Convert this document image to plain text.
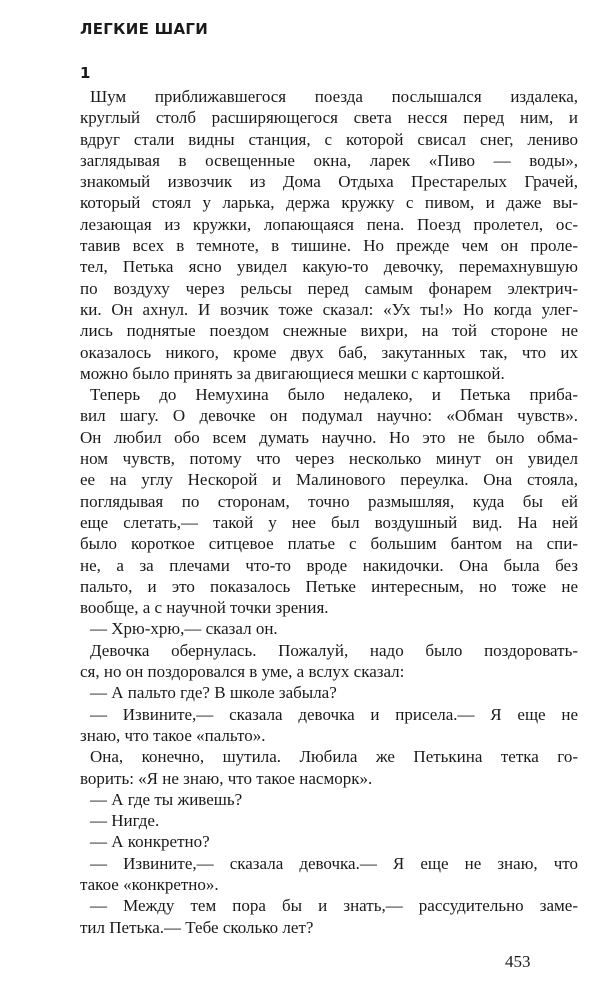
ЛЕГКИЕ ШАГИ
1
Шум приближавшегося поезда послышался издалека,
круглый столб расширяющегося света несся перед ним, и
вдруг стали видны станция, с которой свисал снег, лениво
заглядывая в освещенные окна, ларек «Пиво — воды»,
знакомый извозчик из Дома Отдыха Престарелых Грачей,
который стоял у ларька, держа кружку с пивом, и даже вы-
лезающая из кружки, лопающаяся пена. Поезд пролетел, ос-
тавив всех в темноте, в тишине. Но прежде чем он проле-
тел, Петька ясно увидел какую-то девочку, перемахнувшую
по воздуху через рельсы перед самым фонарем электрич-
ки. Он ахнул. И возчик тоже сказал: «Ух ты!» Но когда улег-
лись поднятые поездом снежные вихри, на той стороне не
оказалось никого, кроме двух баб, закутанных так, что их
можно было принять за двигающиеся мешки с картошкой.
Теперь до Немухина было недалеко, и Петька приба-
вил шагу. О девочке он подумал научно: «Обман чувств».
Он любил обо всем думать научно. Но это не было обма-
ном чувств, потому что через несколько минут он увидел
ее на углу Нескорой и Малинового переулка. Она стояла,
поглядывая по сторонам, точно размышляя, куда бы ей
еще слетать,— такой у нее был воздушный вид. На ней
было короткое ситцевое платье с большим бантом на спи-
не, а за плечами что-то вроде накидочки. Она была без
пальто, и это показалось Петьке интересным, но тоже не
вообще, а с научной точки зрения.
— Хрю-хрю,— сказал он.
Девочка обернулась. Пожалуй, надо было поздоровать-
ся, но он поздоровался в уме, а вслух сказал:
— А пальто где? В школе забыла?
— Извините,— сказала девочка и присела.— Я еще не
знаю, что такое «пальто».
Она, конечно, шутила. Любила же Петькина тетка го-
ворить: «Я не знаю, что такое насморк».
— А где ты живешь?
— Нигде.
— А конкретно?
— Извините,— сказала девочка.— Я еще не знаю, что
такое «конкретно».
— Между тем пора бы и знать,— рассудительно заме-
тил Петька.— Тебе сколько лет?
453
